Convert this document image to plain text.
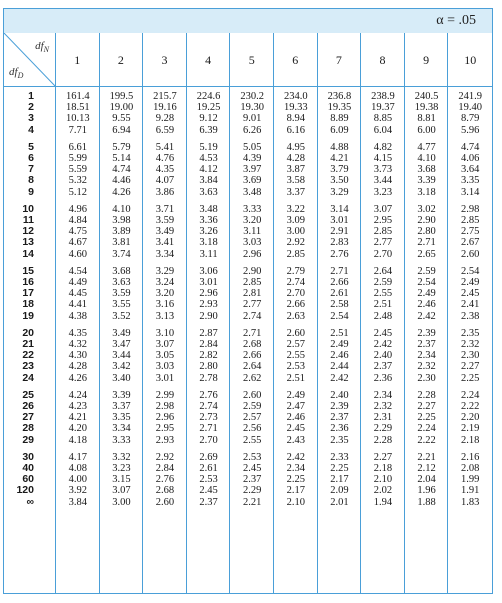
α = .05
$df_N$
$df_D$
1	2	3	4	5	6	7	8	9	10
1	161.4	199.5	215.7	224.6	230.2	234.0	236.8	238.9	240.5	241.9
2	18.51	19.00	19.16	19.25	19.30	19.33	19.35	19.37	19.38	19.40
3	10.13	9.55	9.28	9.12	9.01	8.94	8.89	8.85	8.81	8.79
4	7.71	6.94	6.59	6.39	6.26	6.16	6.09	6.04	6.00	5.96
5	6.61	5.79	5.41	5.19	5.05	4.95	4.88	4.82	4.77	4.74
6	5.99	5.14	4.76	4.53	4.39	4.28	4.21	4.15	4.10	4.06
7	5.59	4.74	4.35	4.12	3.97	3.87	3.79	3.73	3.68	3.64
8	5.32	4.46	4.07	3.84	3.69	3.58	3.50	3.44	3.39	3.35
9	5.12	4.26	3.86	3.63	3.48	3.37	3.29	3.23	3.18	3.14
10	4.96	4.10	3.71	3.48	3.33	3.22	3.14	3.07	3.02	2.98
11	4.84	3.98	3.59	3.36	3.20	3.09	3.01	2.95	2.90	2.85
12	4.75	3.89	3.49	3.26	3.11	3.00	2.91	2.85	2.80	2.75
13	4.67	3.81	3.41	3.18	3.03	2.92	2.83	2.77	2.71	2.67
14	4.60	3.74	3.34	3.11	2.96	2.85	2.76	2.70	2.65	2.60
15	4.54	3.68	3.29	3.06	2.90	2.79	2.71	2.64	2.59	2.54
16	4.49	3.63	3.24	3.01	2.85	2.74	2.66	2.59	2.54	2.49
17	4.45	3.59	3.20	2.96	2.81	2.70	2.61	2.55	2.49	2.45
18	4.41	3.55	3.16	2.93	2.77	2.66	2.58	2.51	2.46	2.41
19	4.38	3.52	3.13	2.90	2.74	2.63	2.54	2.48	2.42	2.38
20	4.35	3.49	3.10	2.87	2.71	2.60	2.51	2.45	2.39	2.35
21	4.32	3.47	3.07	2.84	2.68	2.57	2.49	2.42	2.37	2.32
22	4.30	3.44	3.05	2.82	2.66	2.55	2.46	2.40	2.34	2.30
23	4.28	3.42	3.03	2.80	2.64	2.53	2.44	2.37	2.32	2.27
24	4.26	3.40	3.01	2.78	2.62	2.51	2.42	2.36	2.30	2.25
25	4.24	3.39	2.99	2.76	2.60	2.49	2.40	2.34	2.28	2.24
26	4.23	3.37	2.98	2.74	2.59	2.47	2.39	2.32	2.27	2.22
27	4.21	3.35	2.96	2.73	2.57	2.46	2.37	2.31	2.25	2.20
28	4.20	3.34	2.95	2.71	2.56	2.45	2.36	2.29	2.24	2.19
29	4.18	3.33	2.93	2.70	2.55	2.43	2.35	2.28	2.22	2.18
30	4.17	3.32	2.92	2.69	2.53	2.42	2.33	2.27	2.21	2.16
40	4.08	3.23	2.84	2.61	2.45	2.34	2.25	2.18	2.12	2.08
60	4.00	3.15	2.76	2.53	2.37	2.25	2.17	2.10	2.04	1.99
120	3.92	3.07	2.68	2.45	2.29	2.17	2.09	2.02	1.96	1.91
∞	3.84	3.00	2.60	2.37	2.21	2.10	2.01	1.94	1.88	1.83
